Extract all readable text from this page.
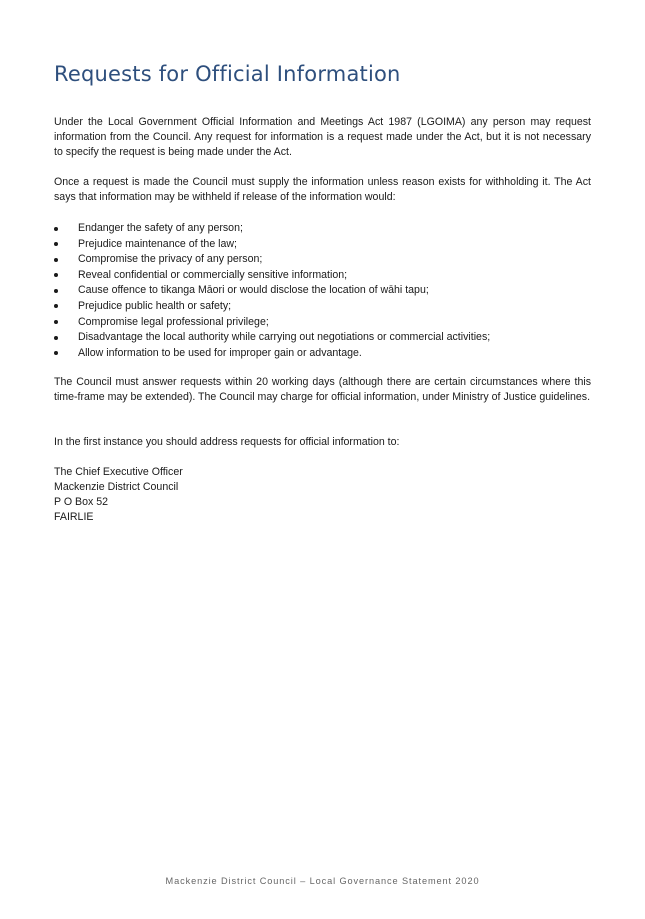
Requests for Official Information

Under the Local Government Official Information and Meetings Act 1987 (LGOIMA) any person may request information from the Council. Any request for information is a request made under the Act, but it is not necessary to specify the request is being made under the Act.

Once a request is made the Council must supply the information unless reason exists for withholding it. The Act says that information may be withheld if release of the information would:

Endanger the safety of any person;
Prejudice maintenance of the law;
Compromise the privacy of any person;
Reveal confidential or commercially sensitive information;
Cause offence to tikanga Māori or would disclose the location of wāhi tapu;
Prejudice public health or safety;
Compromise legal professional privilege;
Disadvantage the local authority while carrying out negotiations or commercial activities;
Allow information to be used for improper gain or advantage.

The Council must answer requests within 20 working days (although there are certain circumstances where this time-frame may be extended). The Council may charge for official information, under Ministry of Justice guidelines.

In the first instance you should address requests for official information to:

The Chief Executive Officer
Mackenzie District Council
P O Box 52
FAIRLIE
Mackenzie District Council – Local Governance Statement 2020
